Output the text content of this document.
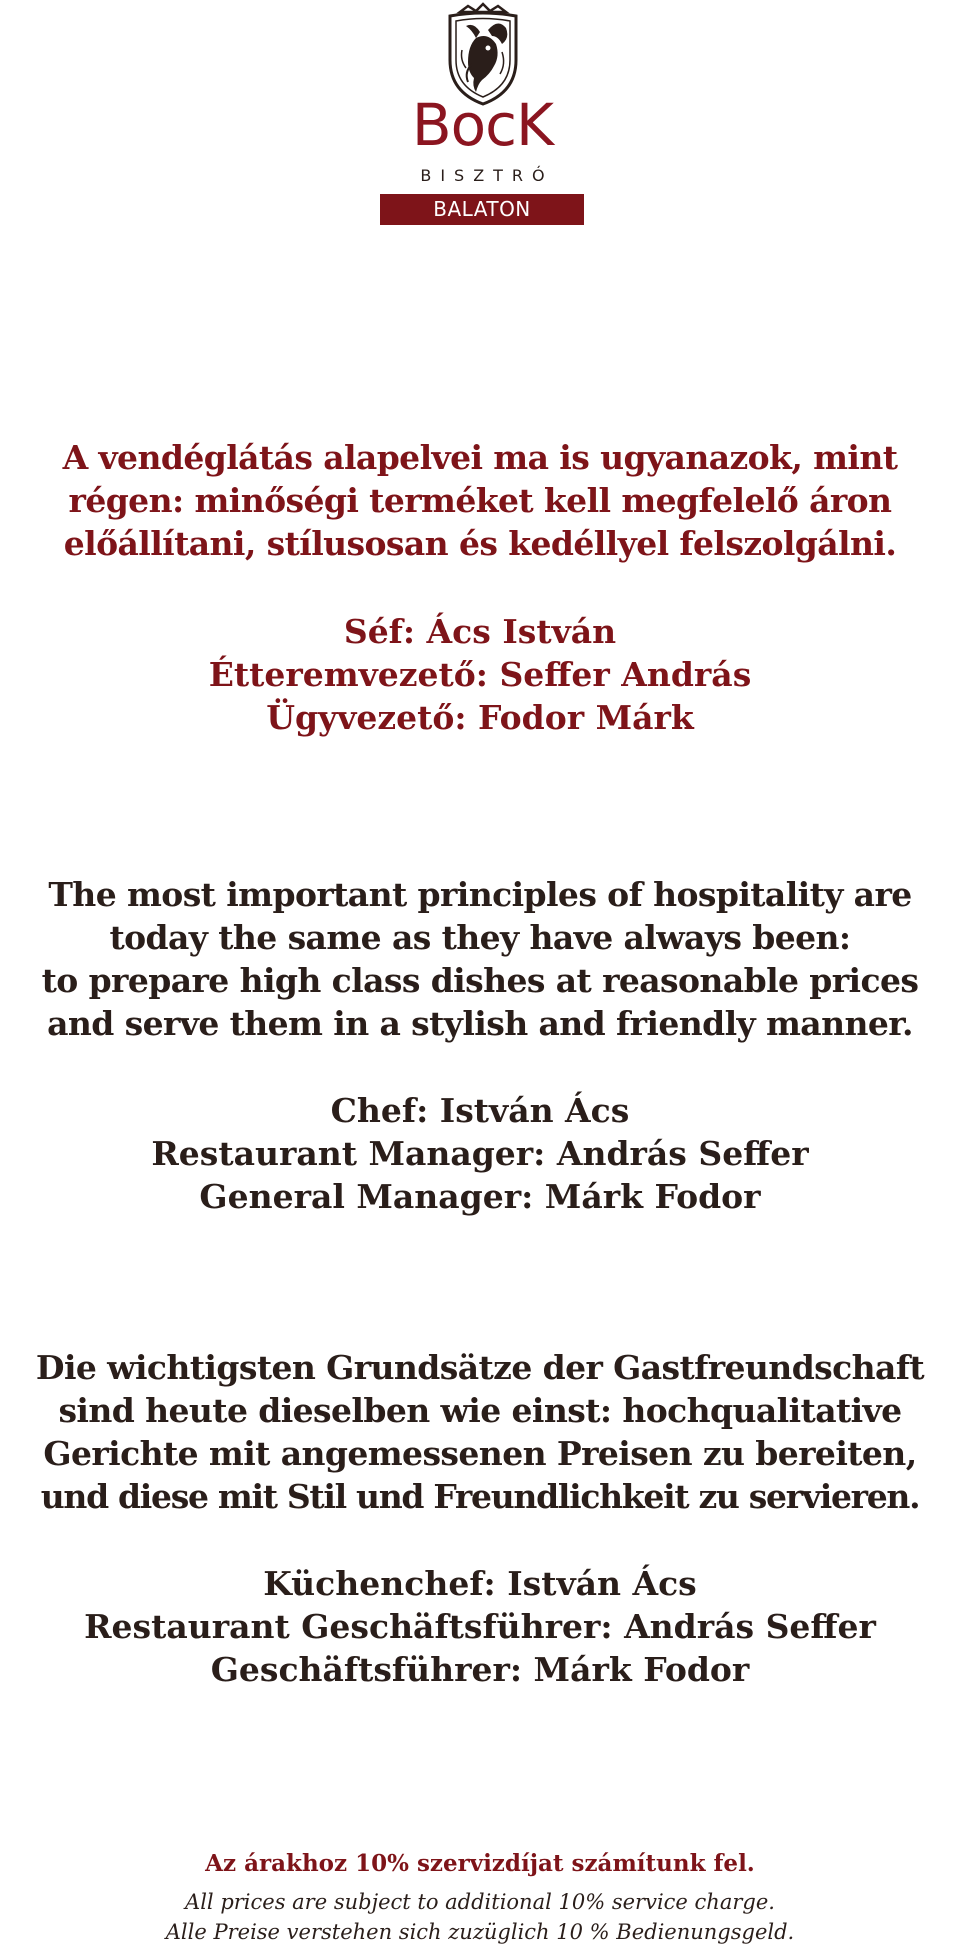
BocK
BISZTRÓ
BALATON
A vendéglátás alapelvei ma is ugyanazok, mint
régen: minőségi terméket kell megfelelő áron
előállítani, stílusosan és kedéllyel felszolgálni.
Séf: Ács István
Étteremvezető: Seffer András
Ügyvezető: Fodor Márk
The most important principles of hospitality are
today the same as they have always been:
to prepare high class dishes at reasonable prices
and serve them in a stylish and friendly manner.
Chef: István Ács
Restaurant Manager: András Seffer
General Manager: Márk Fodor
Die wichtigsten Grundsätze der Gastfreundschaft
sind heute dieselben wie einst: hochqualitative
Gerichte mit angemessenen Preisen zu bereiten,
und diese mit Stil und Freundlichkeit zu servieren.
Küchenchef: István Ács
Restaurant Geschäftsführer: András Seffer
Geschäftsführer: Márk Fodor
Az árakhoz 10% szervizdíjat számítunk fel.
All prices are subject to additional 10% service charge.
Alle Preise verstehen sich zuzüglich 10 % Bedienungsgeld.
